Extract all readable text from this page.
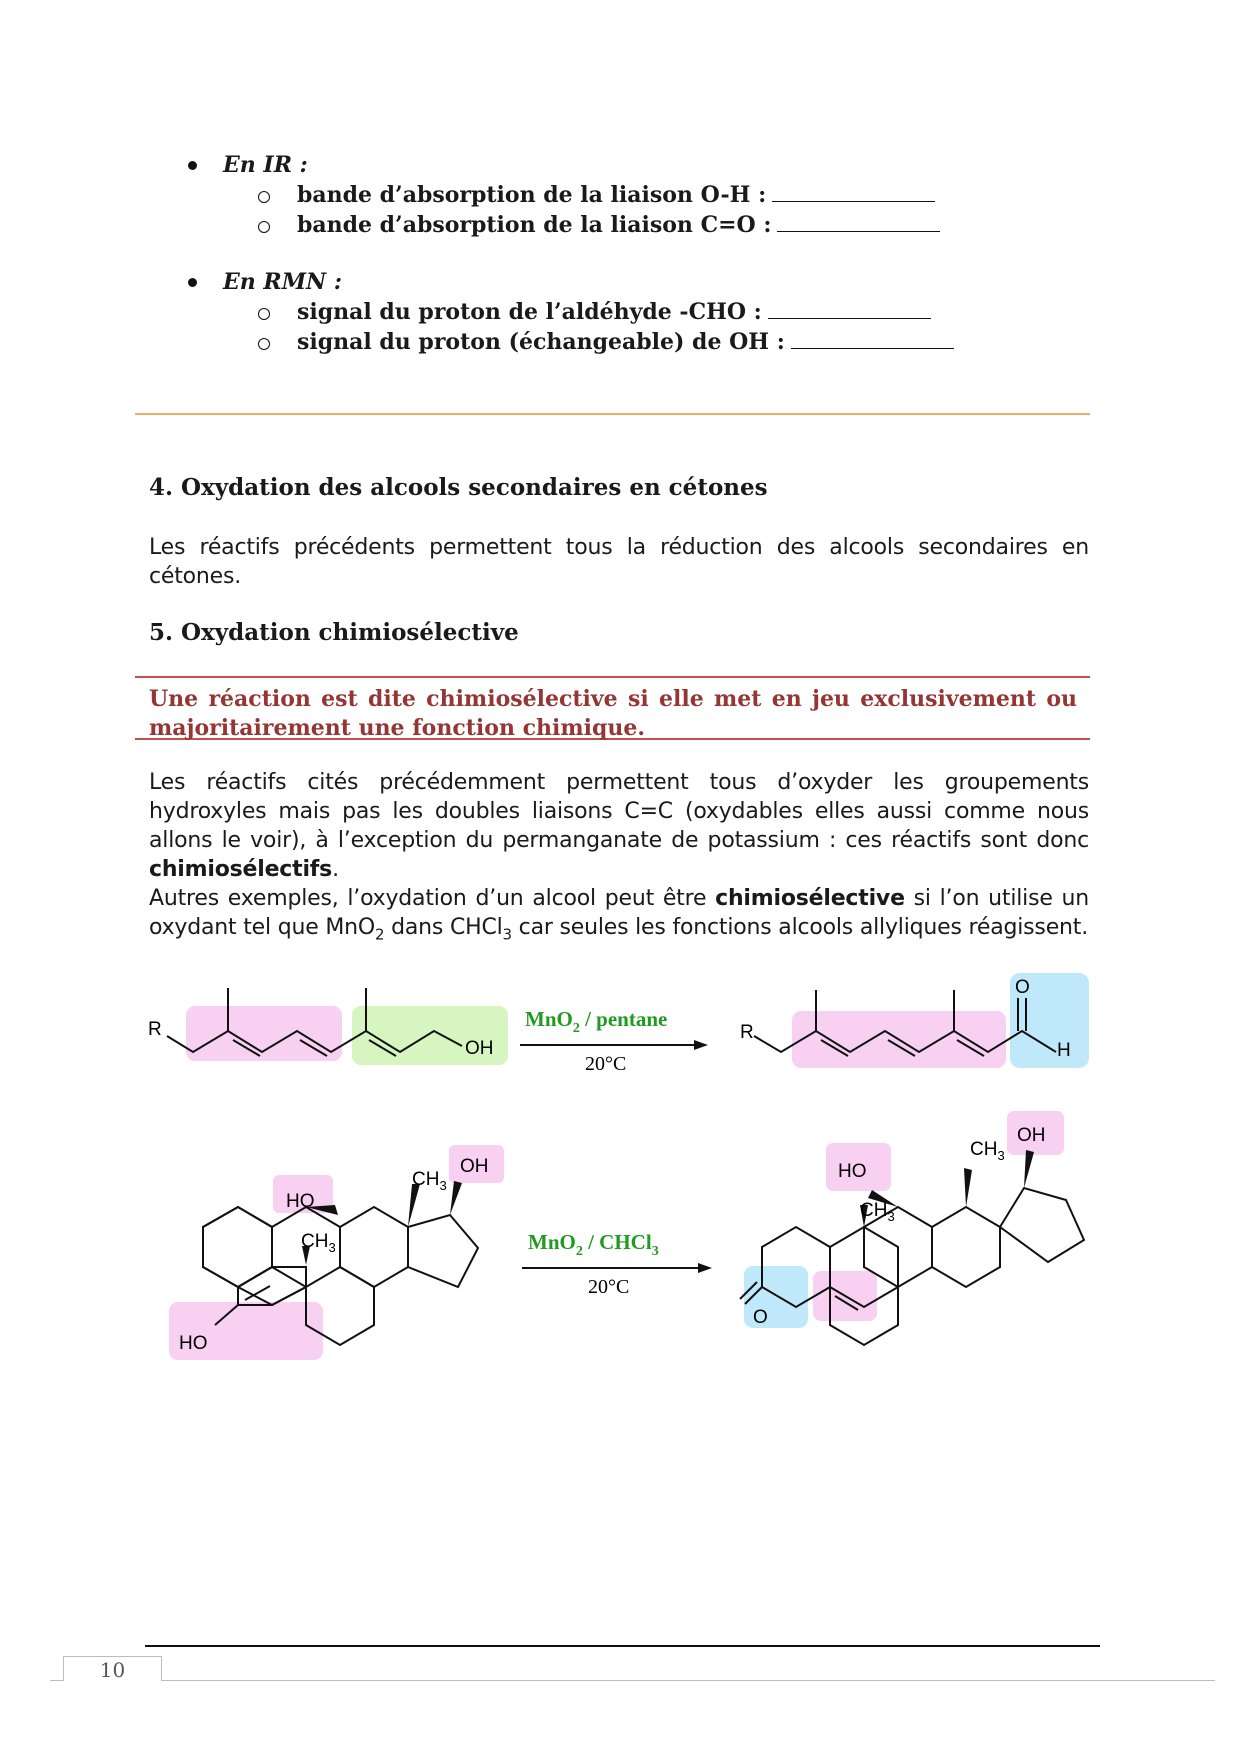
En IR :
bande d’absorption de la liaison O-H :
bande d’absorption de la liaison C=O :
En RMN :
signal du proton de l’aldéhyde -CHO :
signal du proton (échangeable) de OH :
4. Oxydation des alcools secondaires en cétones
Les réactifs précédents permettent tous la réduction des alcools secondaires en cétones.
5. Oxydation chimiosélective
Une réaction est dite chimiosélective si elle met en jeu exclusivement ou majoritairement une fonction chimique.
Les réactifs cités précédemment permettent tous d’oxyder les groupements hydroxyles mais pas les doubles liaisons C=C (oxydables elles aussi comme nous allons le voir), à l’exception du permanganate de potassium : ces réactifs sont donc chimiosélectifs.
Autres exemples, l’oxydation d’un alcool peut être chimiosélective si l’on utilise un oxydant tel que MnO$_2$ dans CHCl$_3$ car seules les fonctions alcools allyliques réagissent.
R
OH
MnO$_2$ / pentane
20°C
R
O
H
HO
HO
$CH_3$
$CH_3$
OH
MnO$_2$ / CHCl$_3$
20°C
O
HO
$CH_3$
$CH_3$
OH
10
